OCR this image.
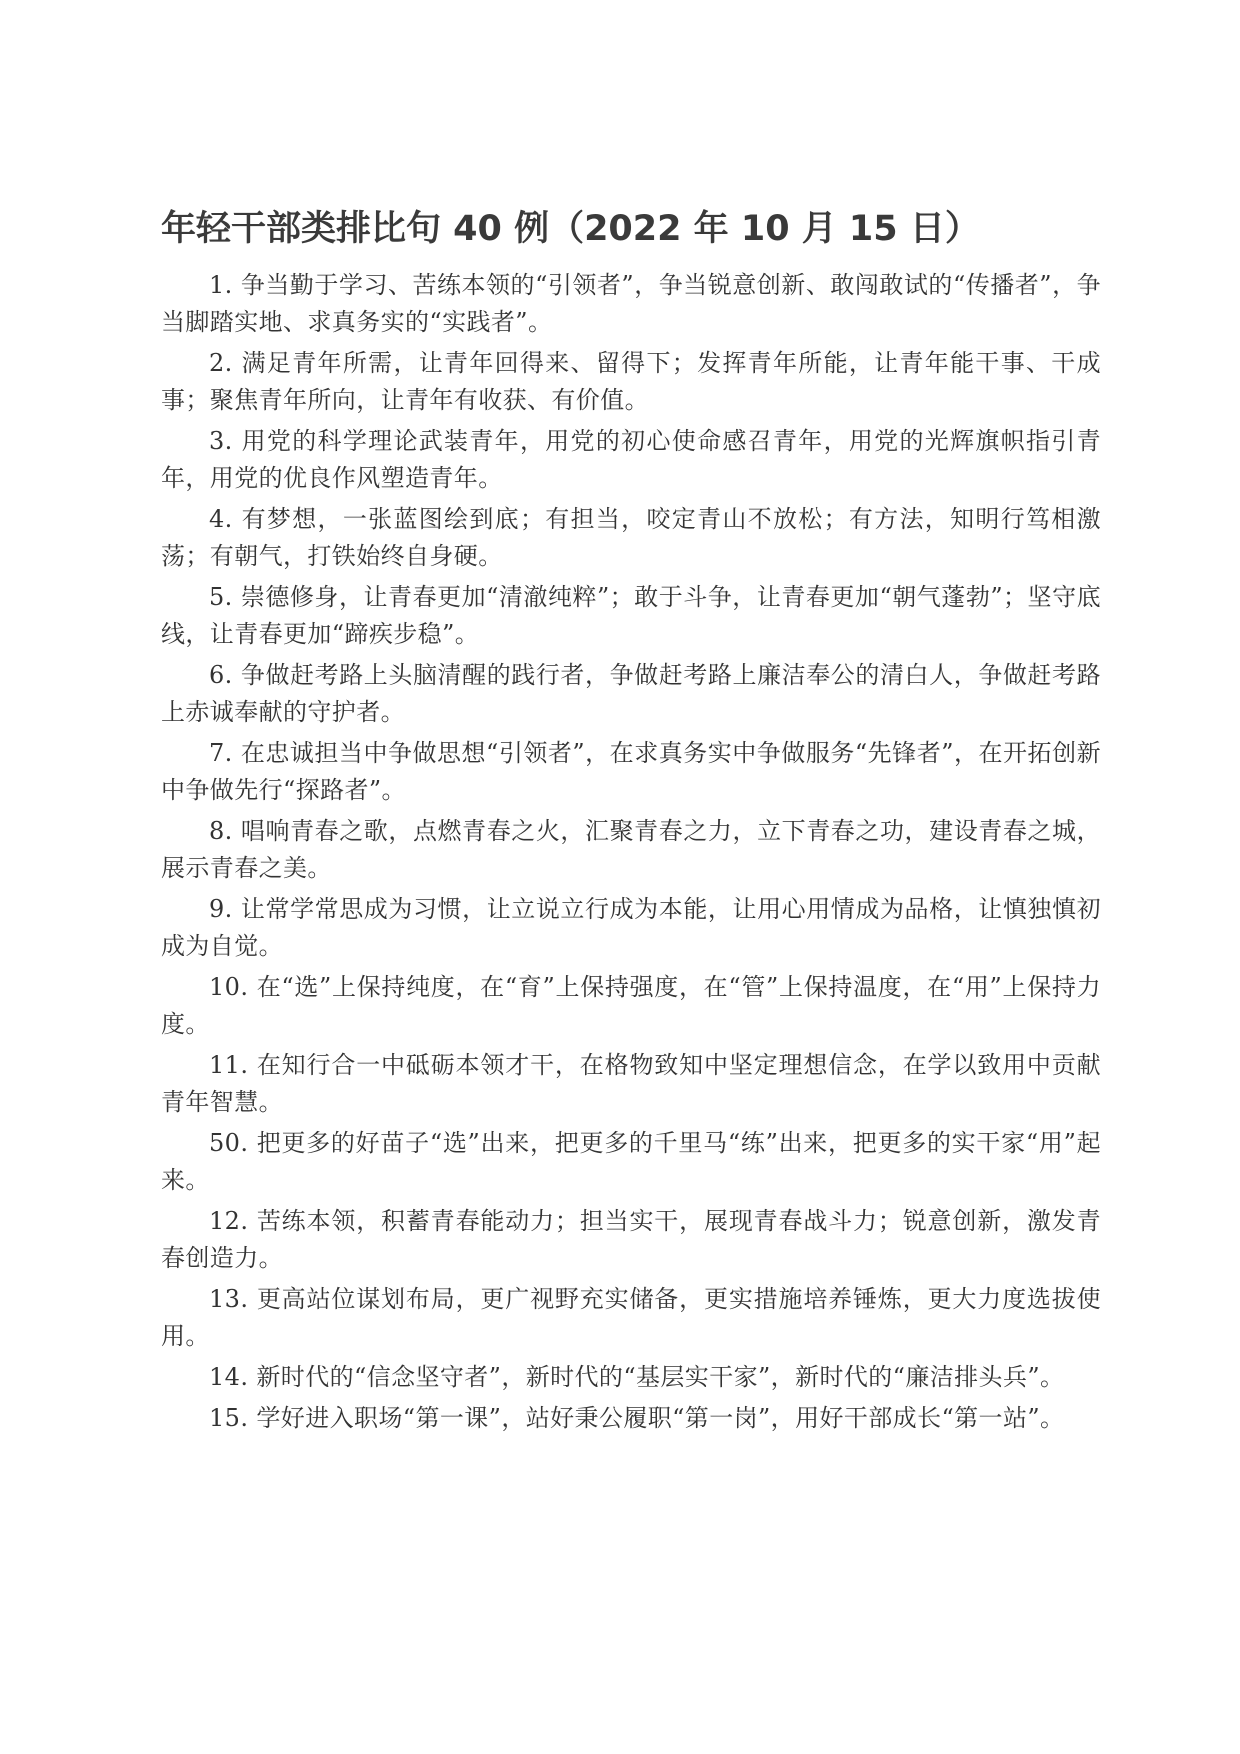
年轻干部类排比句 40 例（2022 年 10 月 15 日）

1. 争当勤于学习、苦练本领的“引领者”，争当锐意创新、敢闯敢试的“传播者”，争当脚踏实地、求真务实的“实践者”。

2. 满足青年所需，让青年回得来、留得下；发挥青年所能，让青年能干事、干成事；聚焦青年所向，让青年有收获、有价值。

3. 用党的科学理论武装青年，用党的初心使命感召青年，用党的光辉旗帜指引青年，用党的优良作风塑造青年。

4. 有梦想，一张蓝图绘到底；有担当，咬定青山不放松；有方法，知明行笃相激荡；有朝气，打铁始终自身硬。

5. 崇德修身，让青春更加“清澈纯粹”；敢于斗争，让青春更加“朝气蓬勃”；坚守底线，让青春更加“蹄疾步稳”。

6. 争做赶考路上头脑清醒的践行者，争做赶考路上廉洁奉公的清白人，争做赶考路上赤诚奉献的守护者。

7. 在忠诚担当中争做思想“引领者”，在求真务实中争做服务“先锋者”，在开拓创新中争做先行“探路者”。

8. 唱响青春之歌，点燃青春之火，汇聚青春之力，立下青春之功，建设青春之城，展示青春之美。

9. 让常学常思成为习惯，让立说立行成为本能，让用心用情成为品格，让慎独慎初成为自觉。

10. 在“选”上保持纯度，在“育”上保持强度，在“管”上保持温度，在“用”上保持力度。

11. 在知行合一中砥砺本领才干，在格物致知中坚定理想信念，在学以致用中贡献青年智慧。

50. 把更多的好苗子“选”出来，把更多的千里马“练”出来，把更多的实干家“用”起来。

12. 苦练本领，积蓄青春能动力；担当实干，展现青春战斗力；锐意创新，激发青春创造力。

13. 更高站位谋划布局，更广视野充实储备，更实措施培养锤炼，更大力度选拔使用。

14. 新时代的“信念坚守者”，新时代的“基层实干家”，新时代的“廉洁排头兵”。

15. 学好进入职场“第一课”，站好秉公履职“第一岗”，用好干部成长“第一站”。
